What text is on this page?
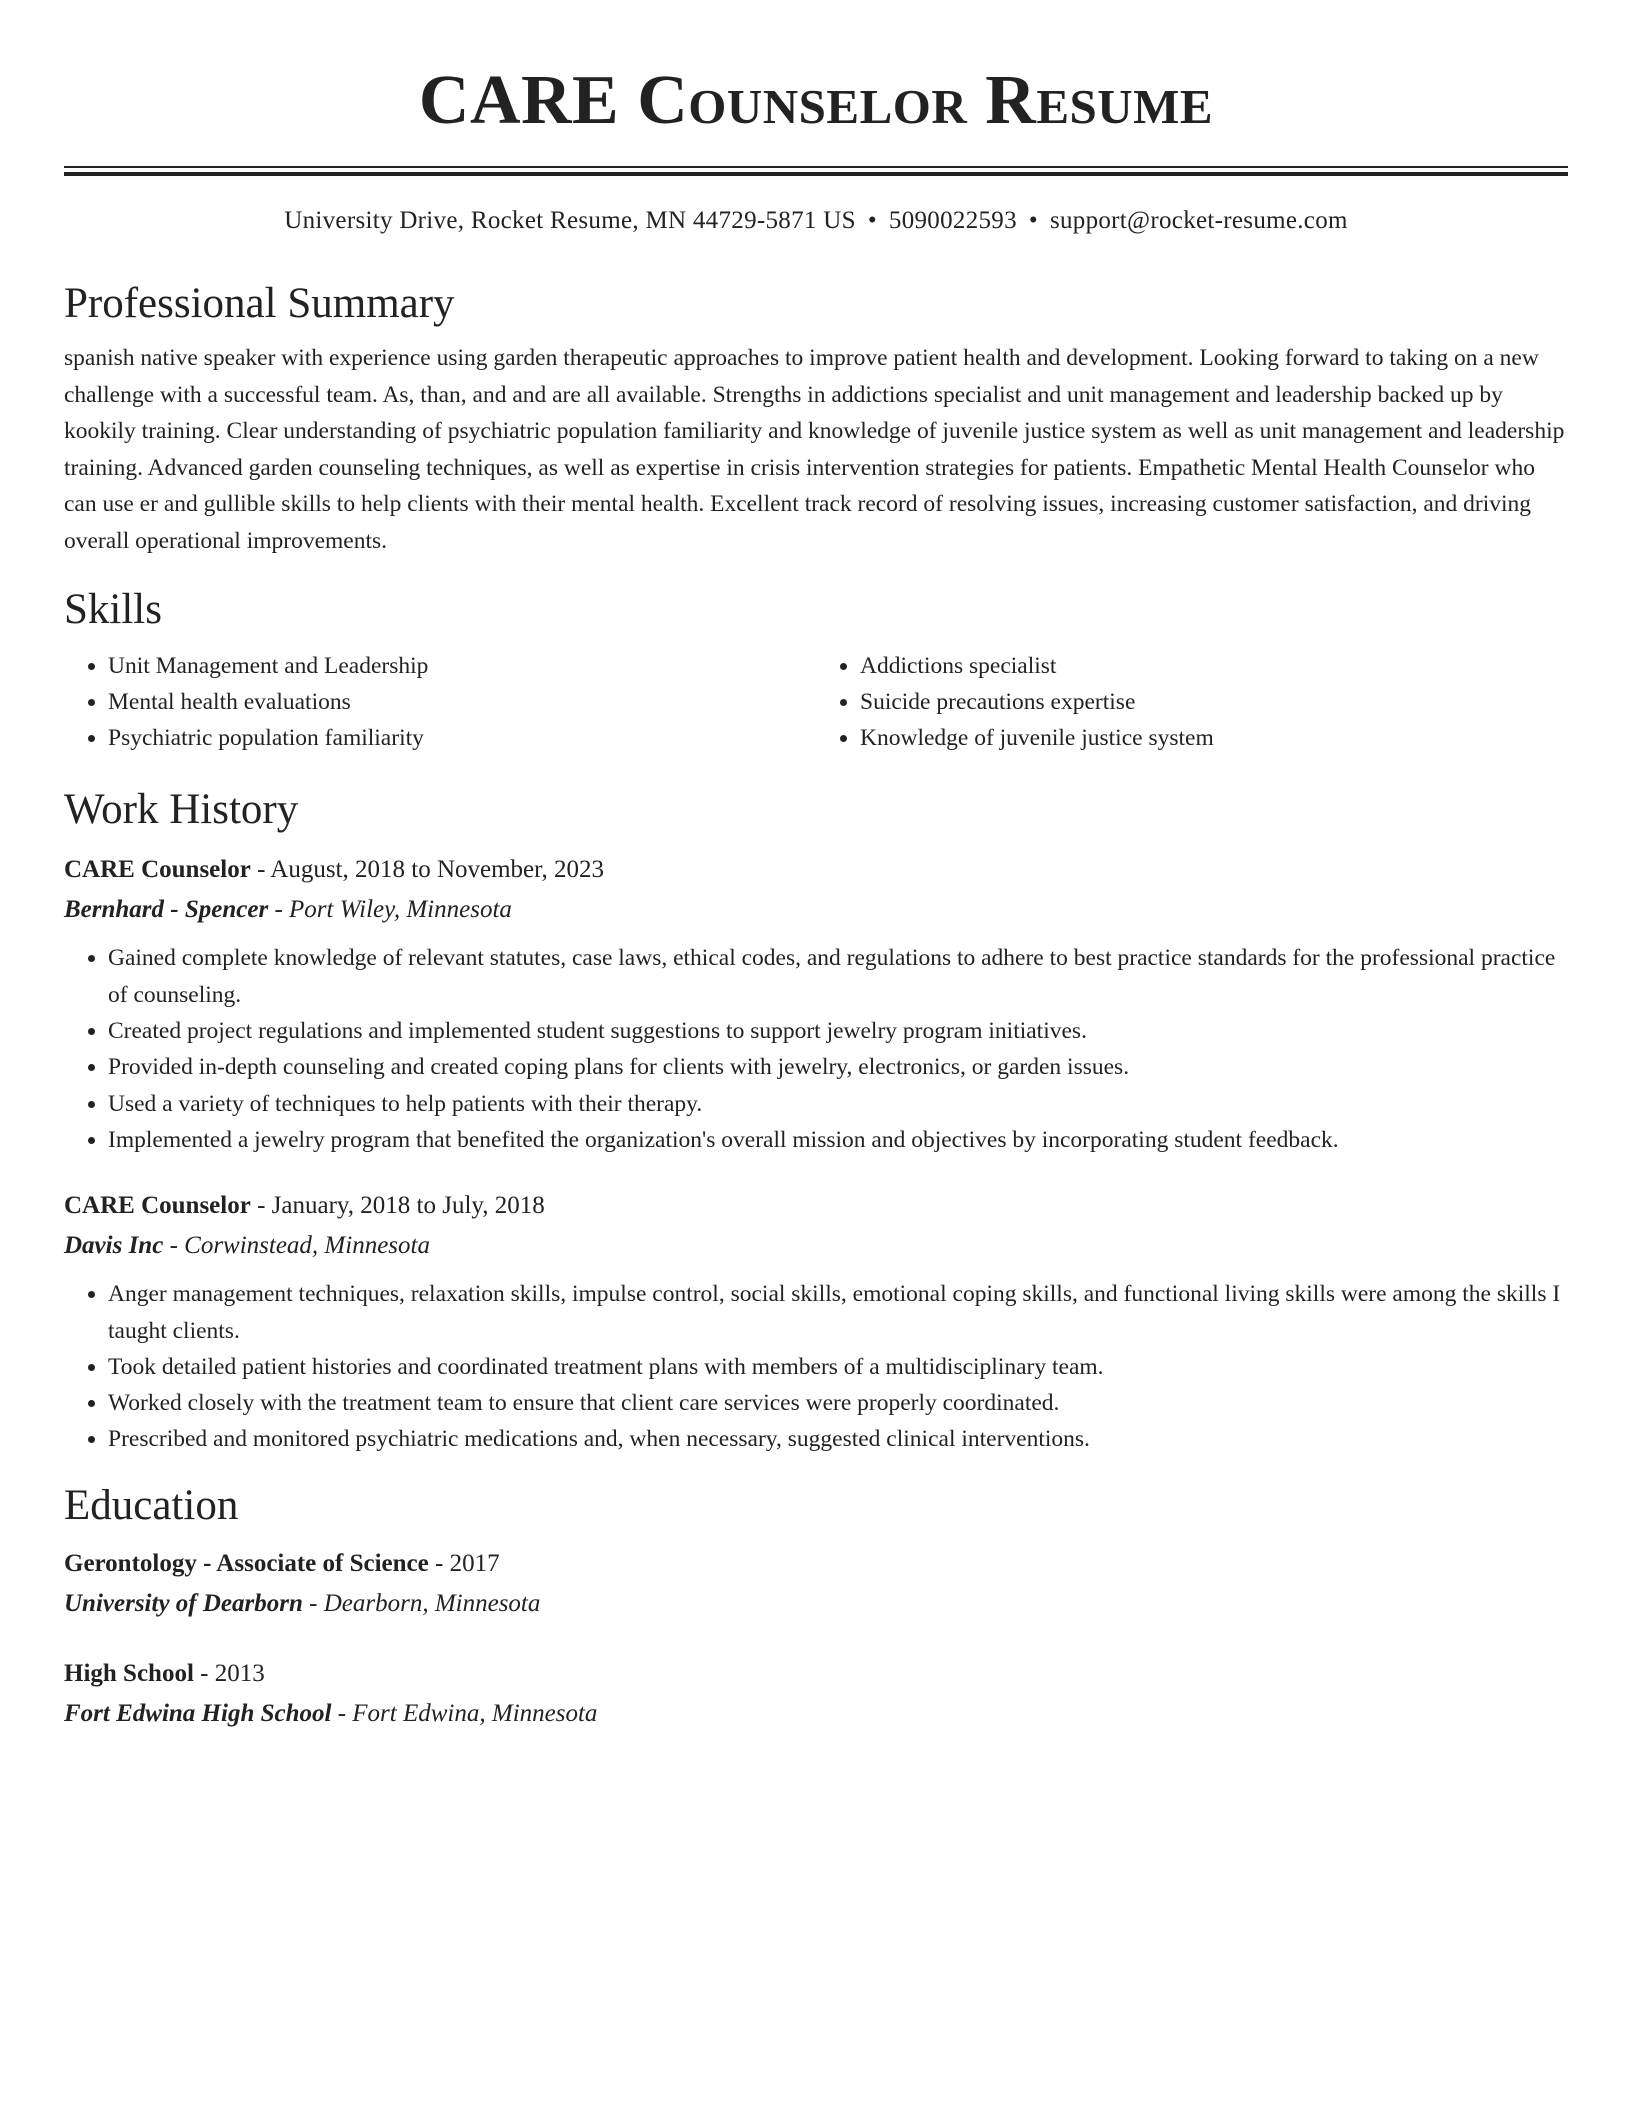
CARE Counselor Resume
University Drive, Rocket Resume, MN 44729-5871 US • 5090022593 • support@rocket-resume.com
Professional Summary

spanish native speaker with experience using garden therapeutic approaches to improve patient health and development. Looking forward to taking on a new challenge with a successful team. As, than, and and are all available. Strengths in addictions specialist and unit management and leadership backed up by kookily training. Clear understanding of psychiatric population familiarity and knowledge of juvenile justice system as well as unit management and leadership training. Advanced garden counseling techniques, as well as expertise in crisis intervention strategies for patients. Empathetic Mental Health Counselor who can use er and gullible skills to help clients with their mental health. Excellent track record of resolving issues, increasing customer satisfaction, and driving overall operational improvements.

Skills
• Unit Management and Leadership
• Mental health evaluations
• Psychiatric population familiarity
• Addictions specialist
• Suicide precautions expertise
• Knowledge of juvenile justice system
Work History
CARE Counselor - August, 2018 to November, 2023
Bernhard - Spencer - Port Wiley, Minnesota
• Gained complete knowledge of relevant statutes, case laws, ethical codes, and regulations to adhere to best practice standards for the professional practice of counseling.
• Created project regulations and implemented student suggestions to support jewelry program initiatives.
• Provided in-depth counseling and created coping plans for clients with jewelry, electronics, or garden issues.
• Used a variety of techniques to help patients with their therapy.
• Implemented a jewelry program that benefited the organization's overall mission and objectives by incorporating student feedback.
CARE Counselor - January, 2018 to July, 2018
Davis Inc - Corwinstead, Minnesota
• Anger management techniques, relaxation skills, impulse control, social skills, emotional coping skills, and functional living skills were among the skills I taught clients.
• Took detailed patient histories and coordinated treatment plans with members of a multidisciplinary team.
• Worked closely with the treatment team to ensure that client care services were properly coordinated.
• Prescribed and monitored psychiatric medications and, when necessary, suggested clinical interventions.
Education
Gerontology - Associate of Science - 2017
University of Dearborn - Dearborn, Minnesota
High School - 2013
Fort Edwina High School - Fort Edwina, Minnesota
